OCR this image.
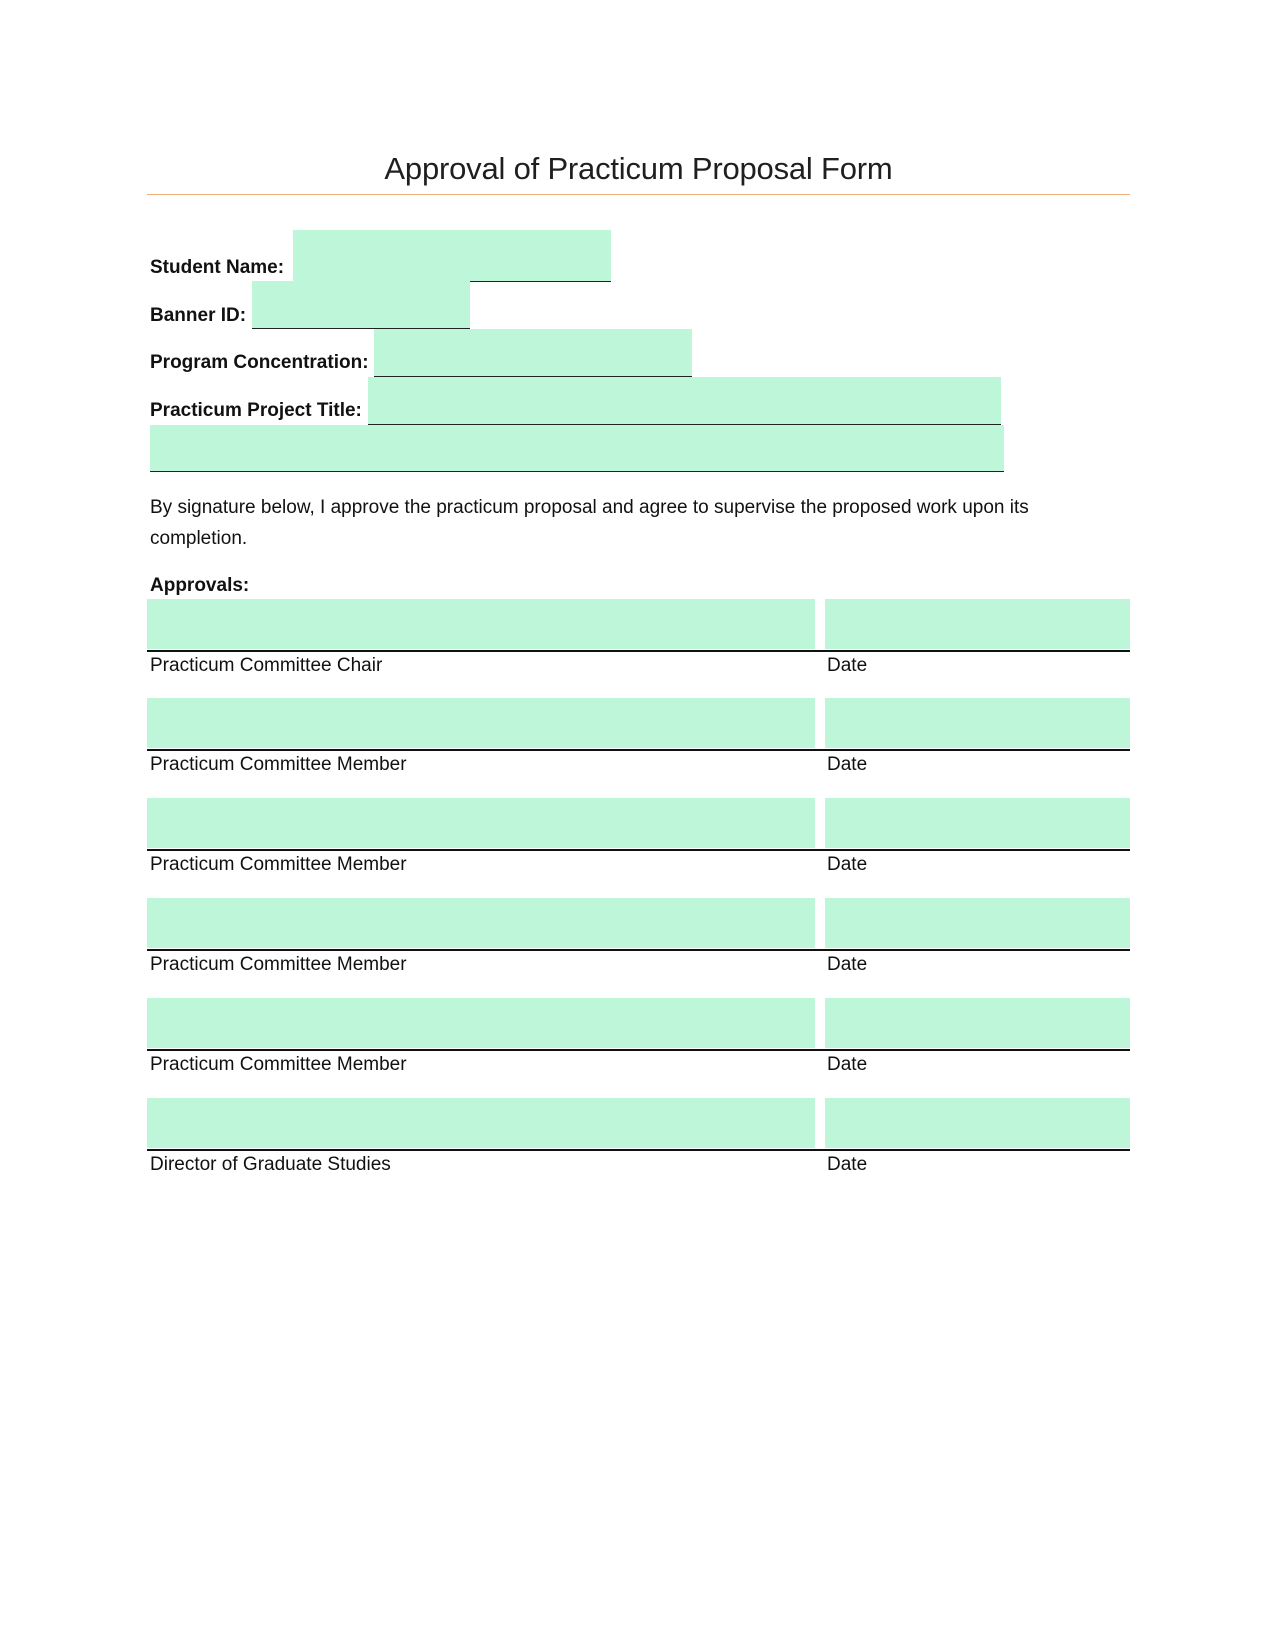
Approval of Practicum Proposal Form
Student Name:
Banner ID:
Program Concentration:
Practicum Project Title:
By signature below, I approve the practicum proposal and agree to supervise the proposed work upon its completion.
Approvals:
Practicum Committee Chair	Date
Practicum Committee Member	Date
Practicum Committee Member	Date
Practicum Committee Member	Date
Practicum Committee Member	Date
Director of Graduate Studies	Date
